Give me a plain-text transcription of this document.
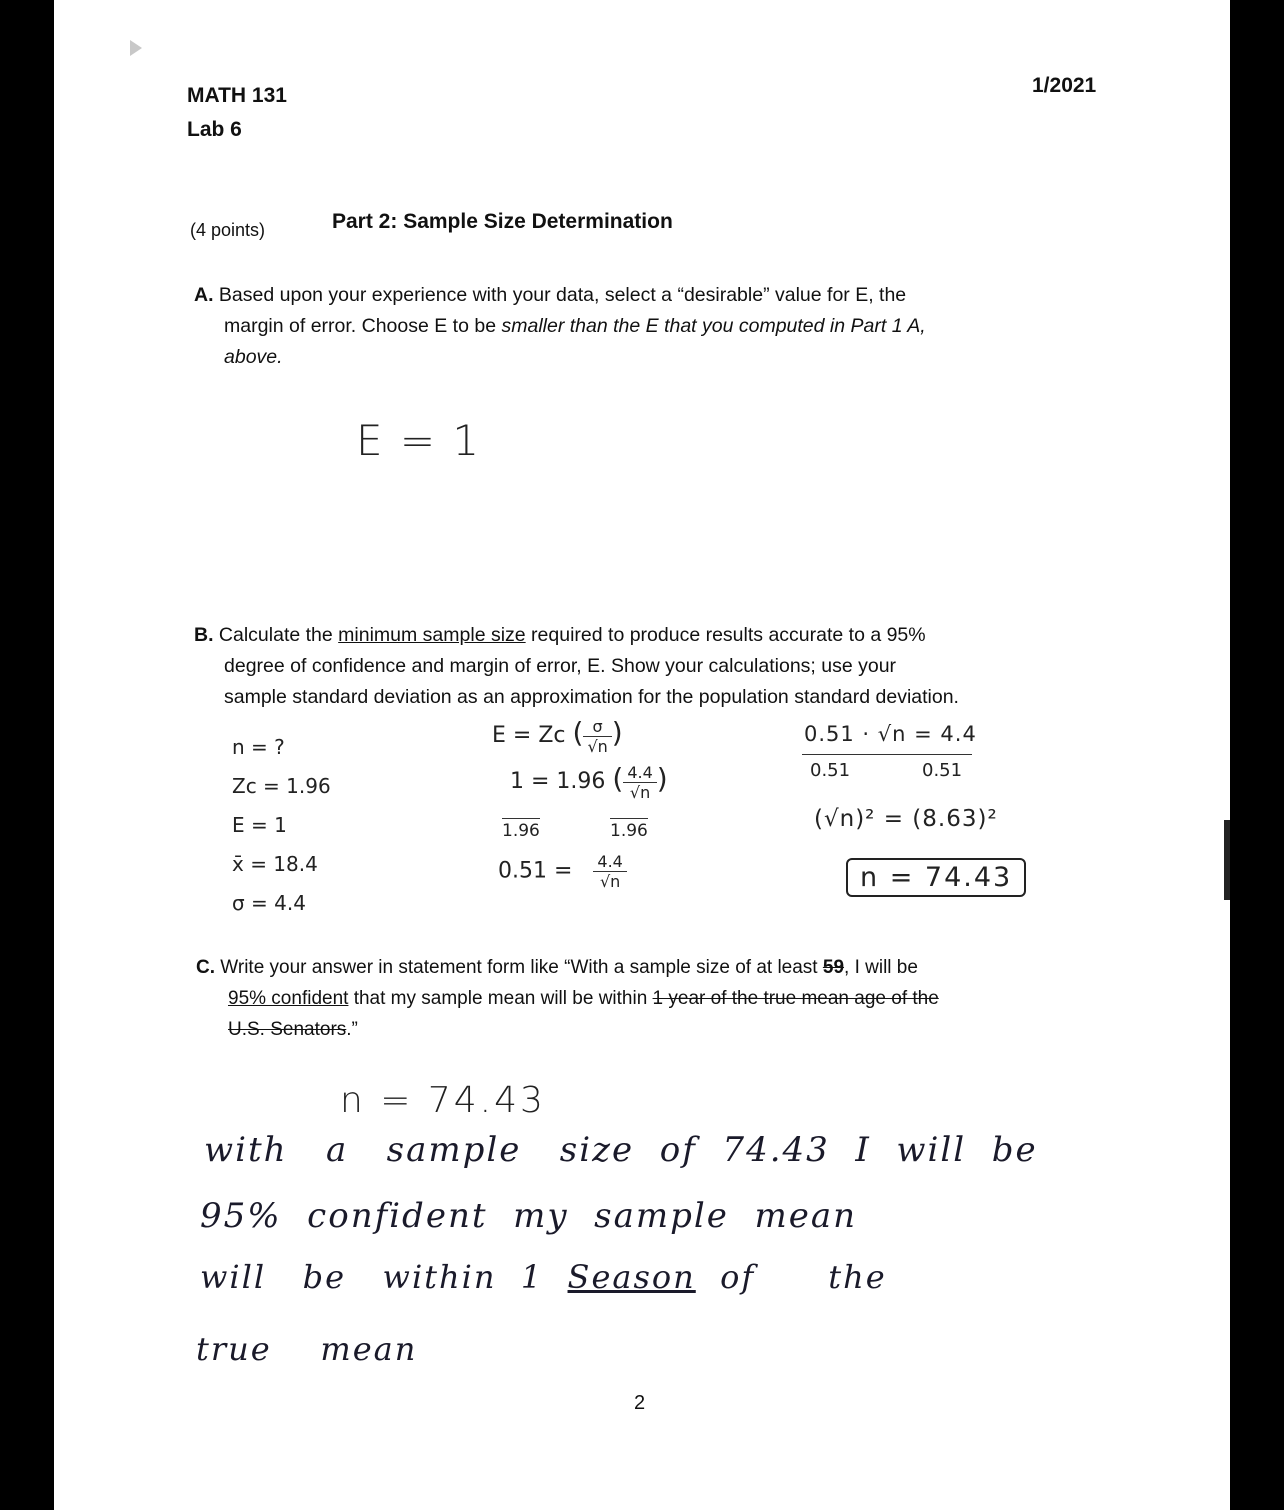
MATH 131
Lab 6
1/2021
(4 points)	Part 2: Sample Size Determination
A. Based upon your experience with your data, select a “desirable” value for E, the
margin of error. Choose E to be smaller than the E that you computed in Part 1 A,
above.
E = 1
B. Calculate the minimum sample size required to produce results accurate to a 95%
degree of confidence and margin of error, E. Show your calculations; use your
sample standard deviation as an approximation for the population standard deviation.
n = ?
Zc = 1.96
E = 1
x̄ = 18.4
σ = 4.4
E = Zc ( $\frac{\sigma}{√n}$ )
1 = 1.96 ( $\frac{4.4}{√n}$ )
1.96	1.96
$0.51 = \frac{4.4}{√n}$
0.51 · √n = 4.4
0.51	0.51
(√n)² = (8.63)²
n = 74.43
C. Write your answer in statement form like “With a sample size of at least 59, I will be
95% confident that my sample mean will be within 1 year of the true mean age of the
U.S. Senators.”
n = 74.43
with   a   sample   size  of  74.43  I  will  be
95%  confident  my  sample  mean
will   be   within  1  Season  of      the
true    mean
2
